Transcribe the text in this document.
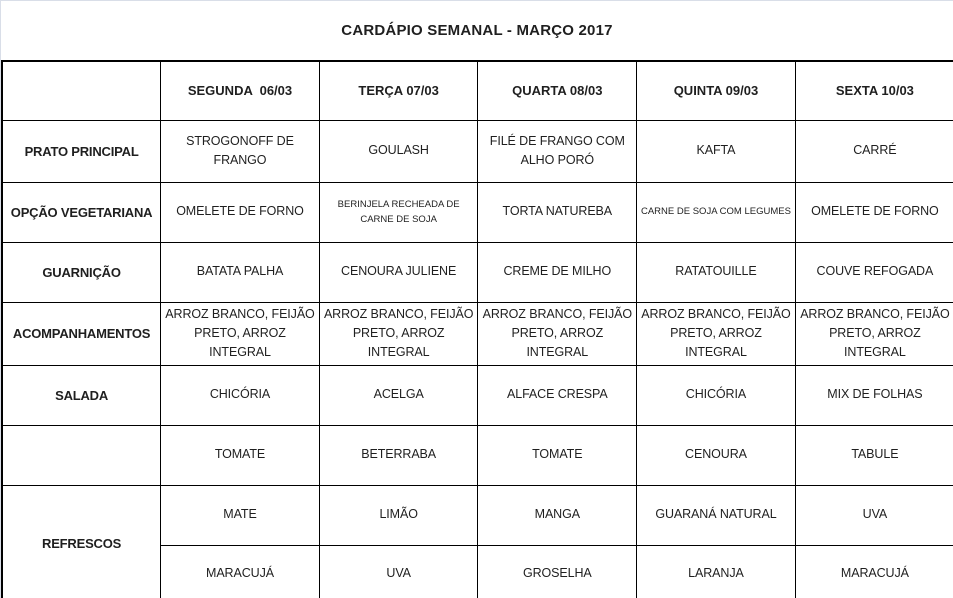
CARDÁPIO SEMANAL - MARÇO 2017
	SEGUNDA  06/03	TERÇA 07/03	QUARTA 08/03	QUINTA 09/03	SEXTA 10/03
PRATO PRINCIPAL	STROGONOFF DE FRANGO	GOULASH	FILÉ DE FRANGO COM ALHO PORÓ	KAFTA	CARRÉ
OPÇÃO VEGETARIANA	OMELETE DE FORNO	BERINJELA RECHEADA DE CARNE DE SOJA	TORTA NATUREBA	CARNE DE SOJA COM LEGUMES	OMELETE DE FORNO
GUARNIÇÃO	BATATA PALHA	CENOURA JULIENE	CREME DE MILHO	RATATOUILLE	COUVE REFOGADA
ACOMPANHAMENTOS	ARROZ BRANCO, FEIJÃO PRETO, ARROZ INTEGRAL	ARROZ BRANCO, FEIJÃO PRETO, ARROZ INTEGRAL	ARROZ BRANCO, FEIJÃO PRETO, ARROZ INTEGRAL	ARROZ BRANCO, FEIJÃO PRETO, ARROZ INTEGRAL	ARROZ BRANCO, FEIJÃO PRETO, ARROZ INTEGRAL
SALADA	CHICÓRIA	ACELGA	ALFACE CRESPA	CHICÓRIA	MIX DE FOLHAS
	TOMATE	BETERRABA	TOMATE	CENOURA	TABULE
REFRESCOS	MATE	LIMÃO	MANGA	GUARANÁ NATURAL	UVA
	MARACUJÁ	UVA	GROSELHA	LARANJA	MARACUJÁ
